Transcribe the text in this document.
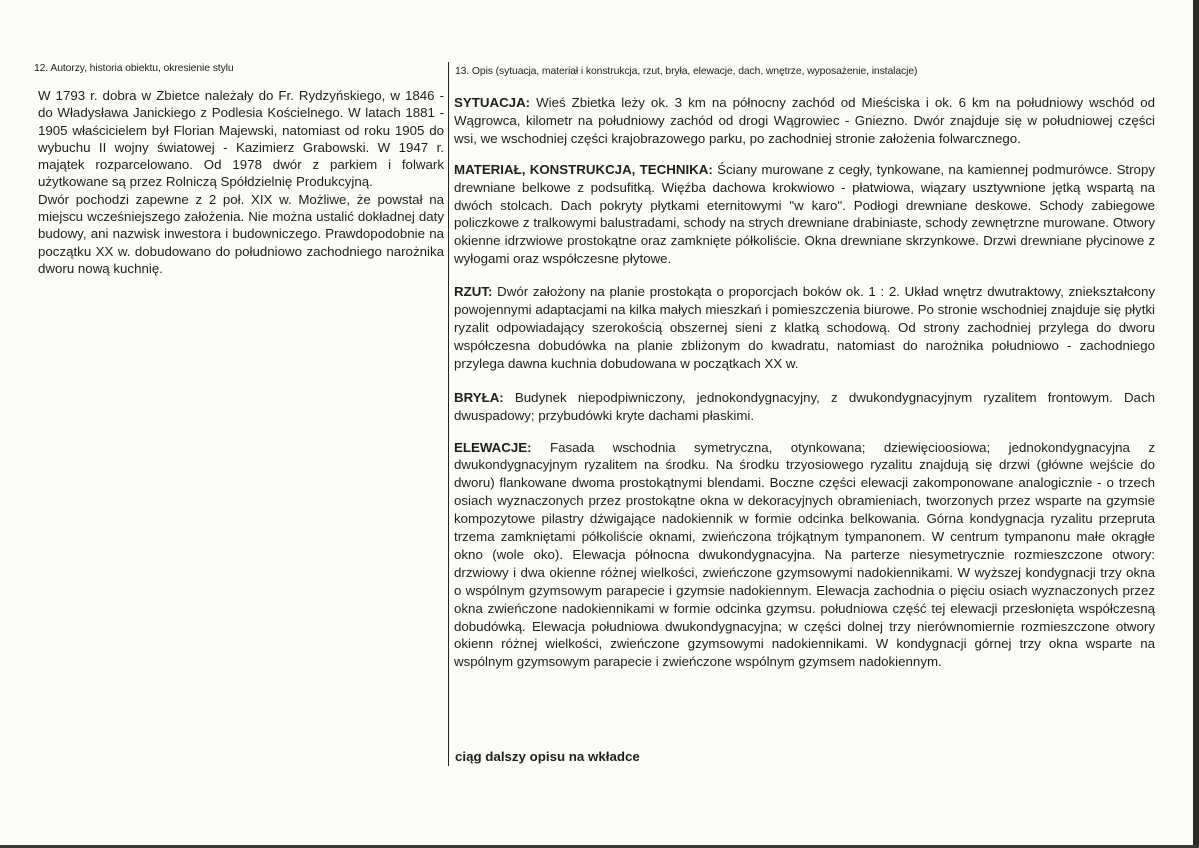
12. Autorzy, historia obiektu, okresienie stylu	13. Opis (sytuacja, materiał i konstrukcja, rzut, bryła, elewacje, dach, wnętrze, wyposażenie, instalacje)

W 1793 r. dobra w Zbietce należały do Fr. Rydzyńskiego, w 1846 - do Władysława Janickiego z Podlesia Kościelnego. W latach 1881 - 1905 właścicielem był Florian Majewski, natomiast od roku 1905 do wybuchu II wojny światowej - Kazimierz Grabowski. W 1947 r. majątek rozparcelowano. Od 1978 dwór z parkiem i folwark użytkowane są przez Rolniczą Spółdzielnię Produkcyjną.

Dwór pochodzi zapewne z 2 poł. XIX w. Możliwe, że powstał na miejscu wcześniejszego założenia. Nie można ustalić dokładnej daty budowy, ani nazwisk inwestora i budowniczego. Prawdopodobnie na początku XX w. dobudowano do południowo zachodniego narożnika dworu nową kuchnię.

SYTUACJA: Wieś Zbietka leży ok. 3 km na północny zachód od Mieściska i ok. 6 km na południowy wschód od Wągrowca, kilometr na południowy zachód od drogi Wągrowiec - Gniezno. Dwór znajduje się w południowej części wsi, we wschodniej części krajobrazowego parku, po zachodniej stronie założenia folwarcznego.

MATERIAŁ, KONSTRUKCJA, TECHNIKA: Ściany murowane z cegły, tynkowane, na kamiennej podmurówce. Stropy drewniane belkowe z podsufitką. Więźba dachowa krokwiowo - płatwiowa, wiązary usztywnione jętką wspartą na dwóch stolcach. Dach pokryty płytkami eternitowymi "w karo". Podłogi drewniane deskowe. Schody zabiegowe policzkowe z tralkowymi balustradami, schody na strych drewniane drabiniaste, schody zewnętrzne murowane. Otwory okienne idrzwiowe prostokątne oraz zamknięte półkoliście. Okna drewniane skrzynkowe. Drzwi drewniane płycinowe z wyłogami oraz współczesne płytowe.

RZUT: Dwór założony na planie prostokąta o proporcjach boków ok. 1 : 2. Układ wnętrz dwutraktowy, zniekształcony powojennymi adaptacjami na kilka małych mieszkań i pomieszczenia biurowe. Po stronie wschodniej znajduje się płytki ryzalit odpowiadający szerokością obszernej sieni z klatką schodową. Od strony zachodniej przylega do dworu współczesna dobudówka na planie zbliżonym do kwadratu, natomiast do narożnika południowo - zachodniego przylega dawna kuchnia dobudowana w początkach XX w.

BRYŁA: Budynek niepodpiwniczony, jednokondygnacyjny, z dwukondygnacyjnym ryzalitem frontowym. Dach dwuspadowy; przybudówki kryte dachami płaskimi.

ELEWACJE: Fasada wschodnia symetryczna, otynkowana; dziewięcioosiowa; jednokondygnacyjna z dwukondygnacyjnym ryzalitem na środku. Na środku trzyosiowego ryzalitu znajdują się drzwi (główne wejście do dworu) flankowane dwoma prostokątnymi blendami. Boczne części elewacji zakomponowane analogicznie - o trzech osiach wyznaczonych przez prostokątne okna w dekoracyjnych obramieniach, tworzonych przez wsparte na gzymsie kompozytowe pilastry dźwigające nadokiennik w formie odcinka belkowania. Górna kondygnacja ryzalitu przepruta trzema zamkniętami półkoliście oknami, zwieńczona trójkątnym tympanonem. W centrum tympanonu małe okrągłe okno (wole oko). Elewacja północna dwukondygnacyjna. Na parterze niesymetrycznie rozmieszczone otwory: drzwiowy i dwa okienne różnej wielkości, zwieńczone gzymsowymi nadokiennikami. W wyższej kondygnacji trzy okna o wspólnym gzymsowym parapecie i gzymsie nadokiennym. Elewacja zachodnia o pięciu osiach wyznaczonych przez okna zwieńczone nadokiennikami w formie odcinka gzymsu. południowa część tej elewacji przesłonięta współczesną dobudówką. Elewacja południowa dwukondygnacyjna; w części dolnej trzy nierównomiernie rozmieszczone otwory okienn różnej wielkości, zwieńczone gzymsowymi nadokiennikami. W kondygnacji górnej trzy okna wsparte na wspólnym gzymsowym parapecie i zwieńczone wspólnym gzymsem nadokiennym.

ciąg dalszy opisu na wkładce
